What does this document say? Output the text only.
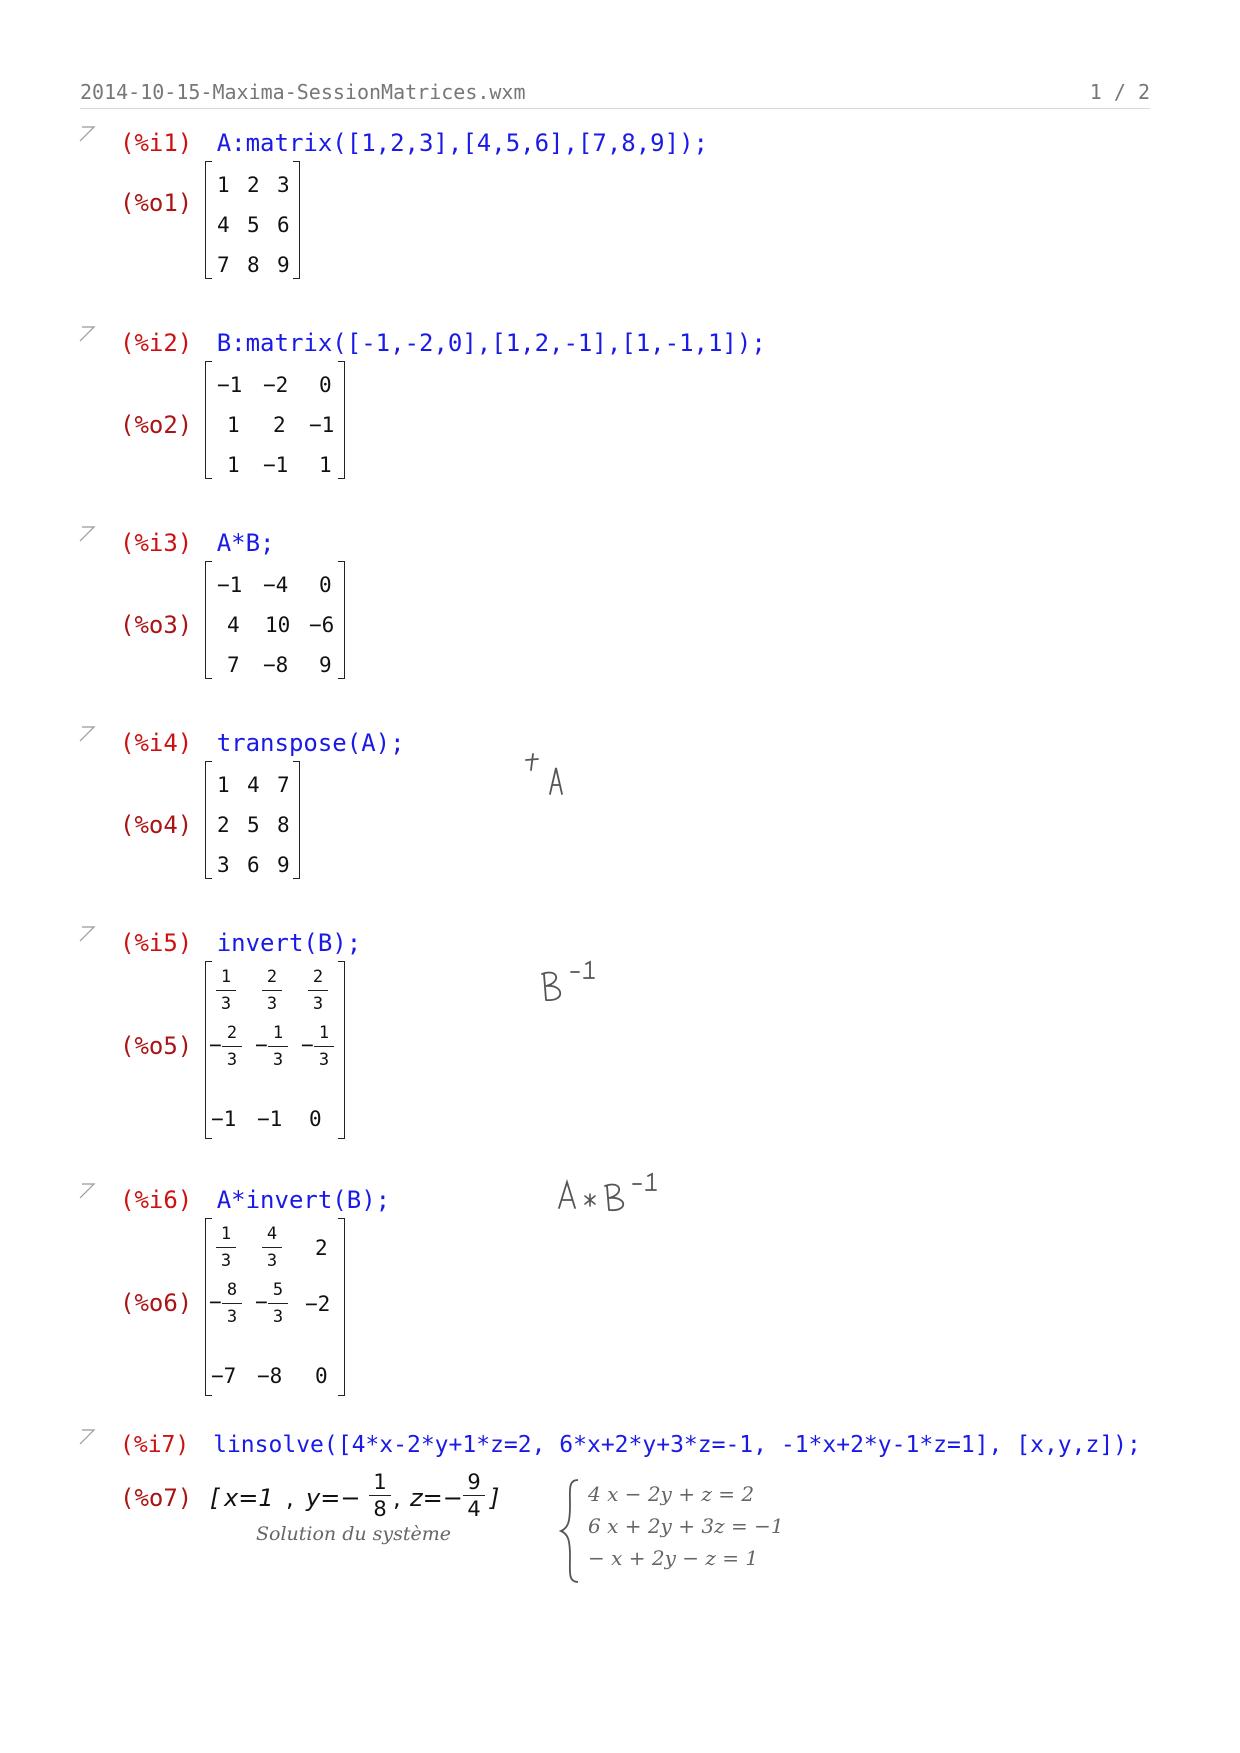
2014-10-15-Maxima-SessionMatrices.wxm	1 / 2
(%i1) A:matrix([1,2,3],[4,5,6],[7,8,9]);
(%o1)
1 2 3
4 5 6
7 8 9
(%i2) B:matrix([-1,-2,0],[1,2,-1],[1,-1,1]);
(%o2)
−1 −2 0
1 2 −1
1 −1 1
(%i3) A*B;
(%o3)
−1 −4 0
4 10 −6
7 −8 9
(%i4) transpose(A);
(%o4)
1 4 7
2 5 8
3 6 9
(%i5) invert(B);
(%o5)
1
3
2
3
2
3
− 2
3
− 1
3
− 1
3
−1 −1 0
(%i6) A*invert(B);
(%o6)
1
3
4
3
2
− 8
3
− 5
3
−2
−7 −8 0
(%i7) linsolve([4*x-2*y+1*z=2, 6*x+2*y+3*z=-1, -1*x+2*y-1*z=1], [x,y,z]);
(%o7) [ x=1 , y=−
1
8 , z=−
9
4 ]
Solution du système
4 x − 2y + z = 2
6 x + 2y + 3z = −1
− x + 2y − z = 1
